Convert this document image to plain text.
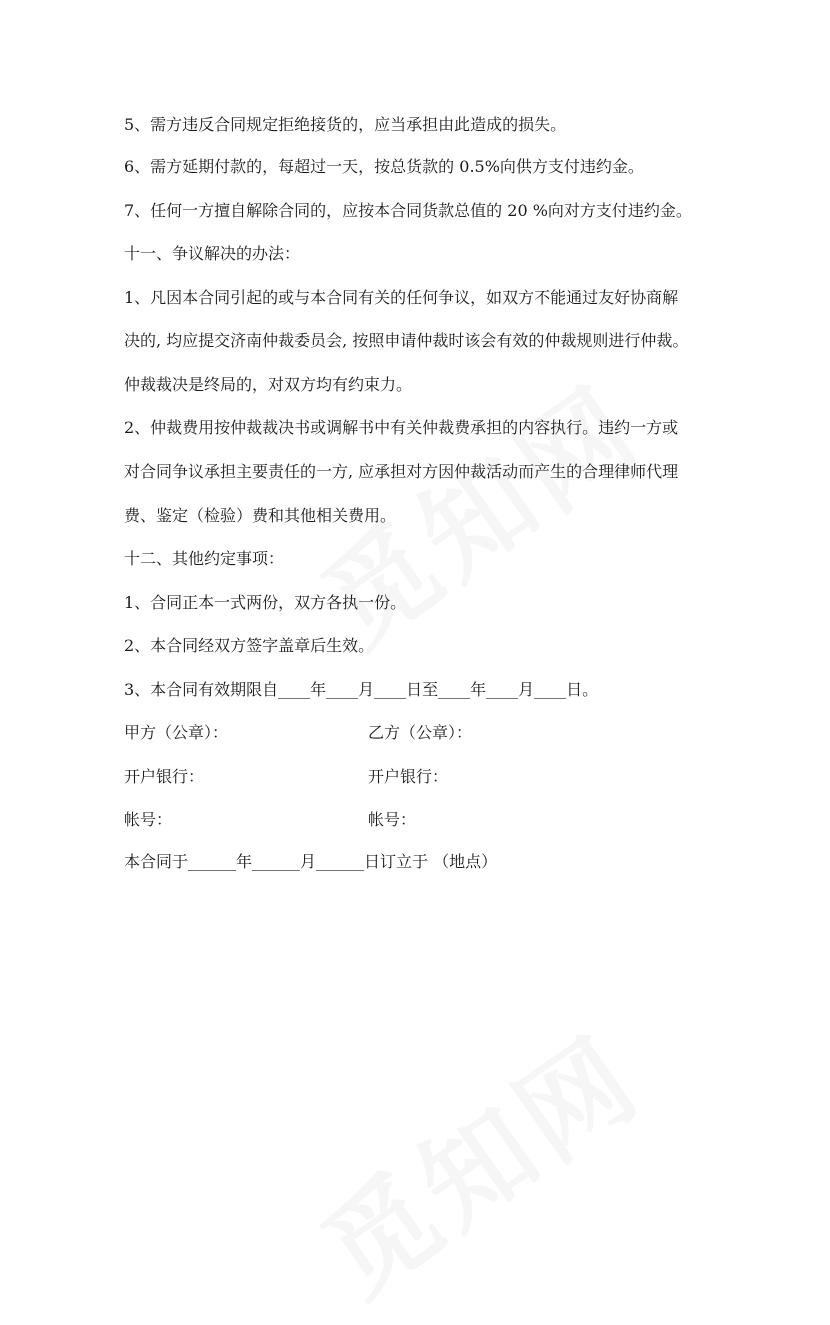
5、需方违反合同规定拒绝接货的，应当承担由此造成的损失。
6、需方延期付款的，每超过一天，按总货款的 0.5%向供方支付违约金。
7、任何一方擅自解除合同的，应按本合同货款总值的 20 %向对方支付违约金。
十一、争议解决的办法：
1、凡因本合同引起的或与本合同有关的任何争议，如双方不能通过友好协商解
决的, 均应提交济南仲裁委员会, 按照申请仲裁时该会有效的仲裁规则进行仲裁。
仲裁裁决是终局的，对双方均有约束力。
2、仲裁费用按仲裁裁决书或调解书中有关仲裁费承担的内容执行。违约一方或
对合同争议承担主要责任的一方, 应承担对方因仲裁活动而产生的合理律师代理
费、鉴定（检验）费和其他相关费用。
十二、其他约定事项：
1、合同正本一式两份，双方各执一份。
2、本合同经双方签字盖章后生效。
3、本合同有效期限自____年____月____日至____年____月____日。
甲方（公章）：	乙方（公章）：
开户银行：	开户银行：
帐号：	帐号：
本合同于______年______月______日订立于 （地点）
